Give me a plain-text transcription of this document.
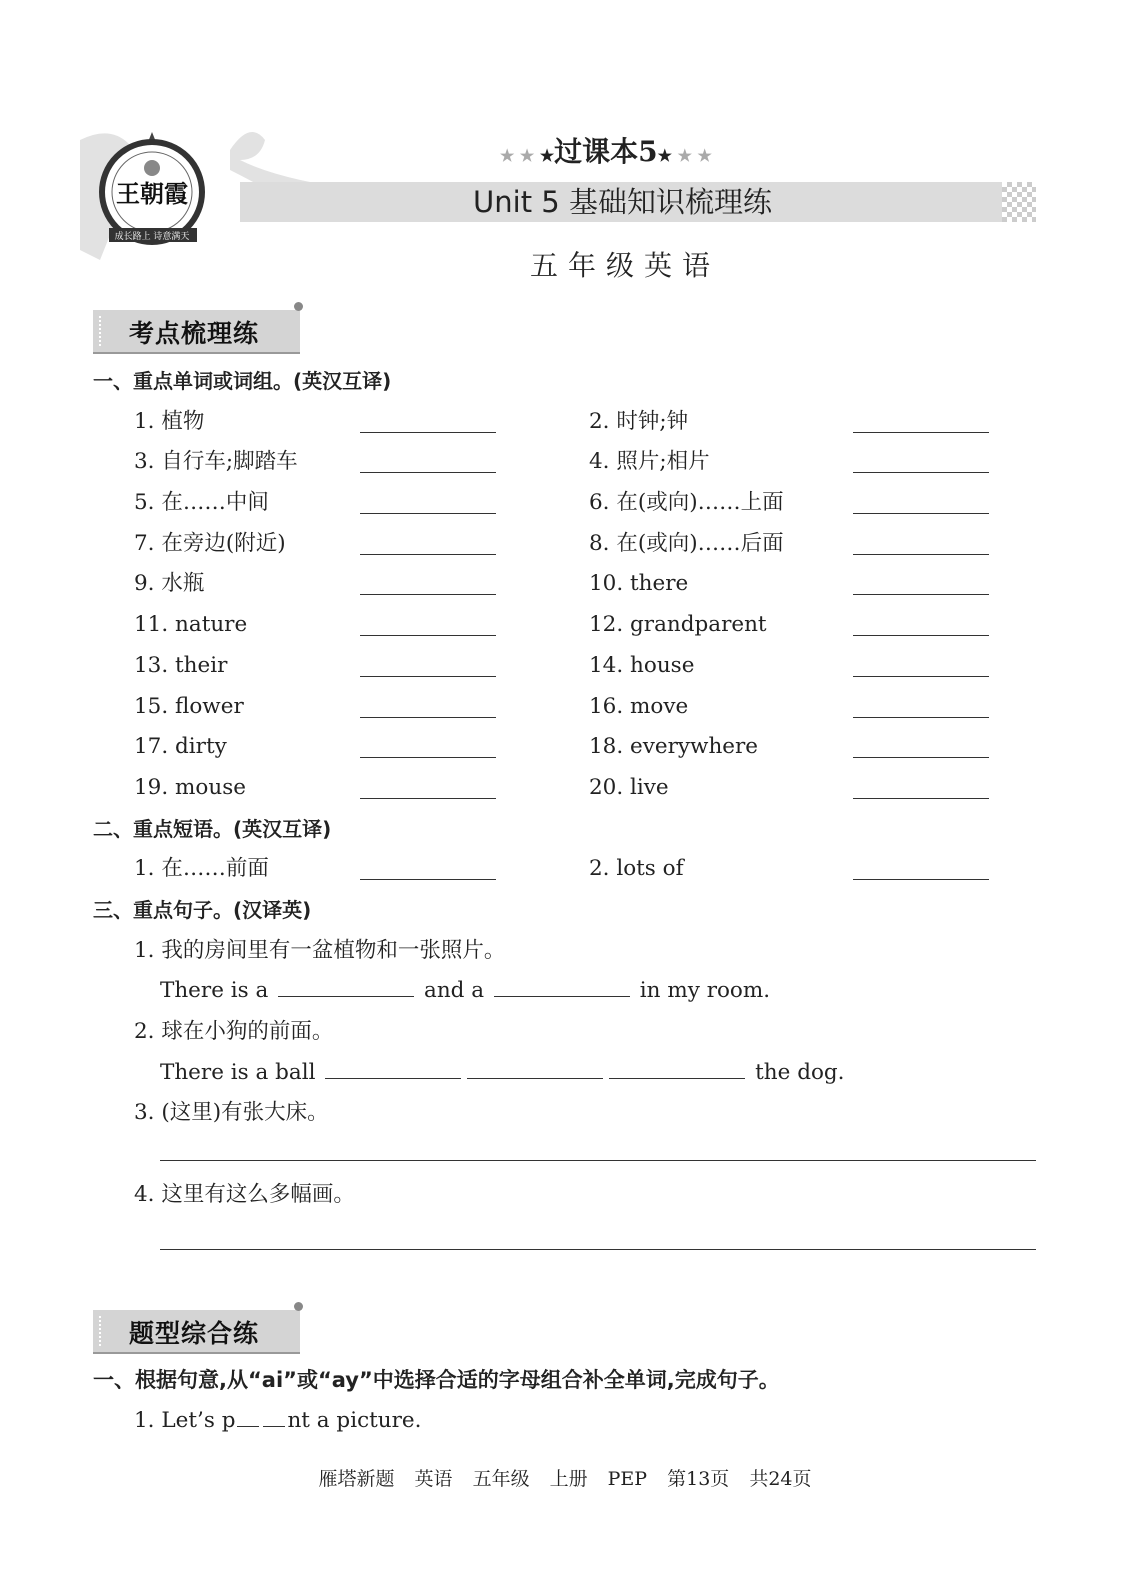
王朝霞
成长路上 诗意满天
★ ★ ★过课本5★ ★ ★
Unit 5 基础知识梳理练
五年级英语
考点梳理练
一、重点单词或词组。(英汉互译)
1. 植物	2. 时钟;钟
3. 自行车;脚踏车	4. 照片;相片
5. 在……中间	6. 在(或向)……上面
7. 在旁边(附近)	8. 在(或向)……后面
9. 水瓶	10. there
11. nature	12. grandparent
13. their	14. house
15. flower	16. move
17. dirty	18. everywhere
19. mouse	20. live
二、重点短语。(英汉互译)
1. 在……前面	2. lots of
三、重点句子。(汉译英)
1. 我的房间里有一盆植物和一张照片。
There is a	and a	in my room.
2. 球在小狗的前面。
There is a ball	the dog.
3. (这里)有张大床。
4. 这里有这么多幅画。
题型综合练
一、根据句意,从“ai”或“ay”中选择合适的字母组合补全单词,完成句子。
1. Let’s p nt a picture.
雁塔新题 英语 五年级 上册 PEP 第13页 共24页
